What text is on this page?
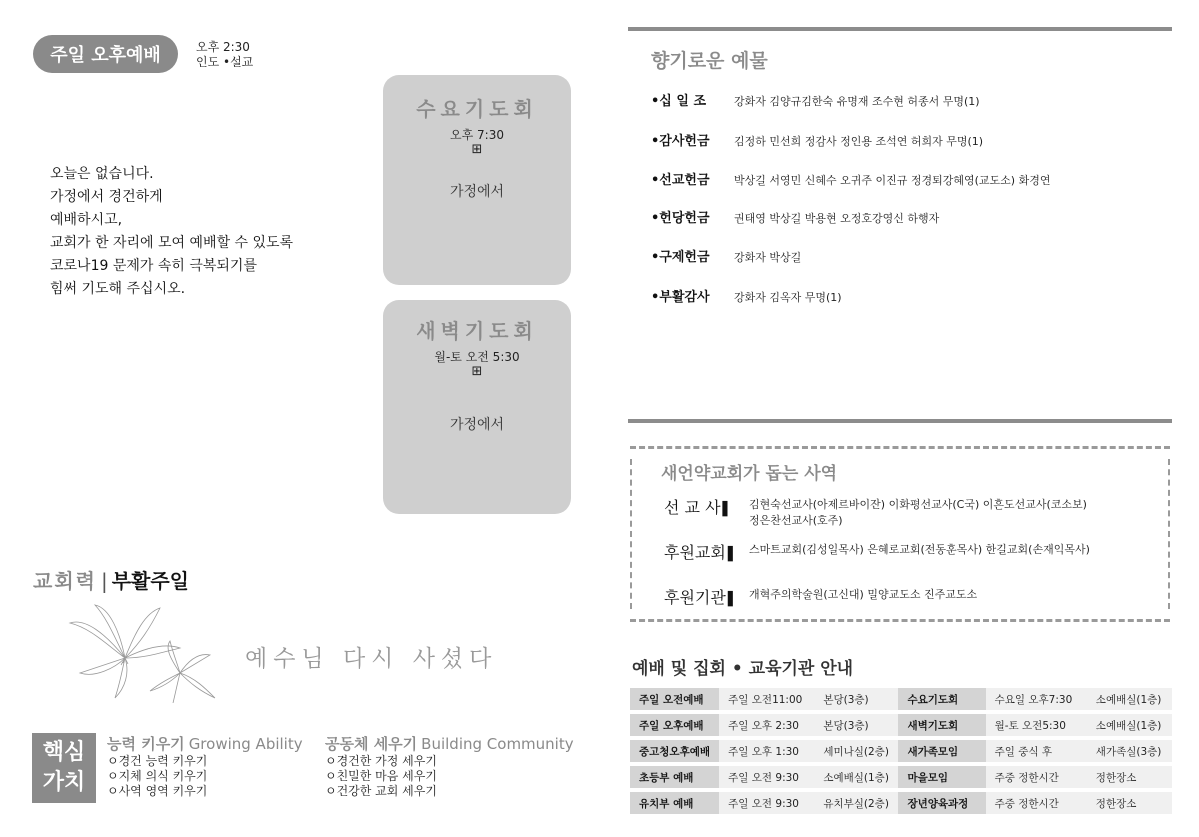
주일 오후예배	오후 2:30
인도 •설교
오늘은 없습니다.
가정에서 경건하게
예배하시고,
교회가 한 자리에 모여 예배할 수 있도록
코로나19 문제가 속히 극복되기를
힘써 기도해 주십시오.
수요기도회
오후 7:30
⊞
가정에서
새벽기도회
월-토 오전 5:30
⊞
가정에서
교회력 | 부활주일
예수님 다시 사셨다
핵심
가치
능력 키우기 Growing Ability
ㅇ경건 능력 키우기
ㅇ지체 의식 키우기
ㅇ사역 영역 키우기
공동체 세우기 Building Community
ㅇ경건한 가정 세우기
ㅇ친밀한 마음 세우기
ㅇ건강한 교회 세우기
향기로운 예물
•십 일 조	강화자 김양규김한숙 유명재 조수현 허종서 무명(1)
•감사헌금	김정하 민선희 정감사 정인용 조석연 허희자 무명(1)
•선교헌금	박상길 서영민 신혜수 오귀주 이진규 정경퇴강혜영(교도소) 화경연
•헌당헌금	권태영 박상길 박용현 오정호강영신 하행자
•구제헌금	강화자 박상길
•부활감사	강화자 김옥자 무명(1)
새언약교회가 돕는 사역
선 교 사 ▌	김현숙선교사(아제르바이잔) 이화평선교사(C국) 이흔도선교사(코소보)
정은찬선교사(호주)
후원교회 ▌	스마트교회(김성일목사) 은혜로교회(전동훈목사) 한길교회(손재익목사)
후원기관 ▌	개혁주의학술원(고신대) 밀양교도소 진주교도소
예배 및 집회 • 교육기관 안내
주일 오전예배	주일 오전11:00	본당(3층)	수요기도회	수요일 오후7:30	소예배실(1층)
주일 오후예배	주일 오후 2:30	본당(3층)	새벽기도회	월-토 오전5:30	소예배실(1층)
중고청오후예배	주일 오후 1:30	세미나실(2층)	새가족모임	주일 중식 후	새가족실(3층)
초등부 예배	주일 오전 9:30	소예배실(1층)	마을모임	주중 정한시간	정한장소
유치부 예배	주일 오전 9:30	유치부실(2층)	장년양육과정	주중 정한시간	정한장소
